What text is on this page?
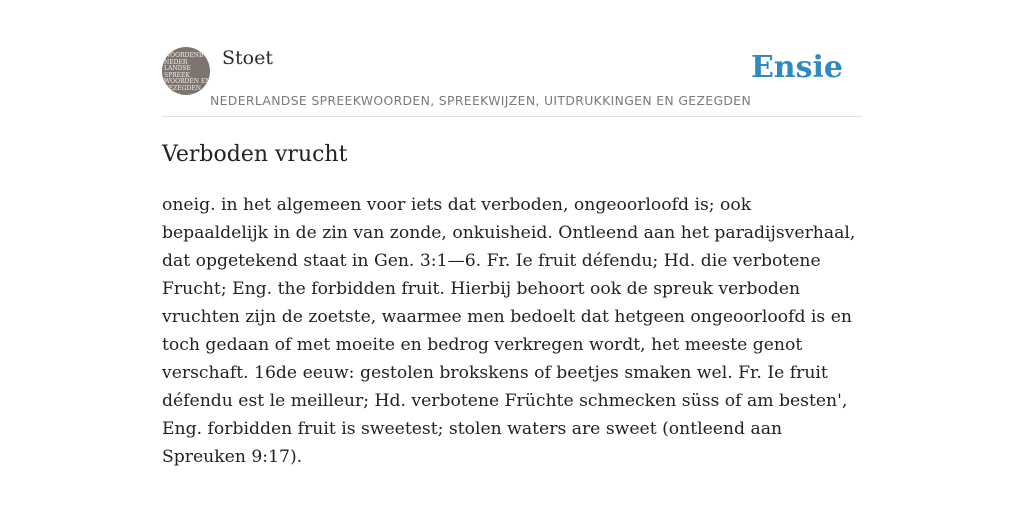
WOORDENB
NEDER
LANDSE
SPREEK
WOORDEN EN
GEZEGDEN
Stoet
NEDERLANDSE SPREEKWOORDEN, SPREEKWIJZEN, UITDRUKKINGEN EN GEZEGDEN
Ensie
Verboden vrucht

oneig. in het algemeen voor iets dat verboden, ongeoorloofd is; ook bepaaldelijk in de zin van zonde, onkuisheid. Ontleend aan het paradijsverhaal, dat opgetekend staat in Gen. 3:1—6. Fr. Ie fruit défendu; Hd. die verbotene Frucht; Eng. the forbidden fruit. Hierbij behoort ook de spreuk verboden vruchten zijn de zoetste, waarmee men bedoelt dat hetgeen ongeoorloofd is en toch gedaan of met moeite en bedrog verkregen wordt, het meeste genot verschaft. 16de eeuw: gestolen brokskens of beetjes smaken wel. Fr. Ie fruit défendu est le meilleur; Hd. verbotene Früchte schmecken süss of am besten', Eng. forbidden fruit is sweetest; stolen waters are sweet (ontleend aan Spreuken 9:17).
